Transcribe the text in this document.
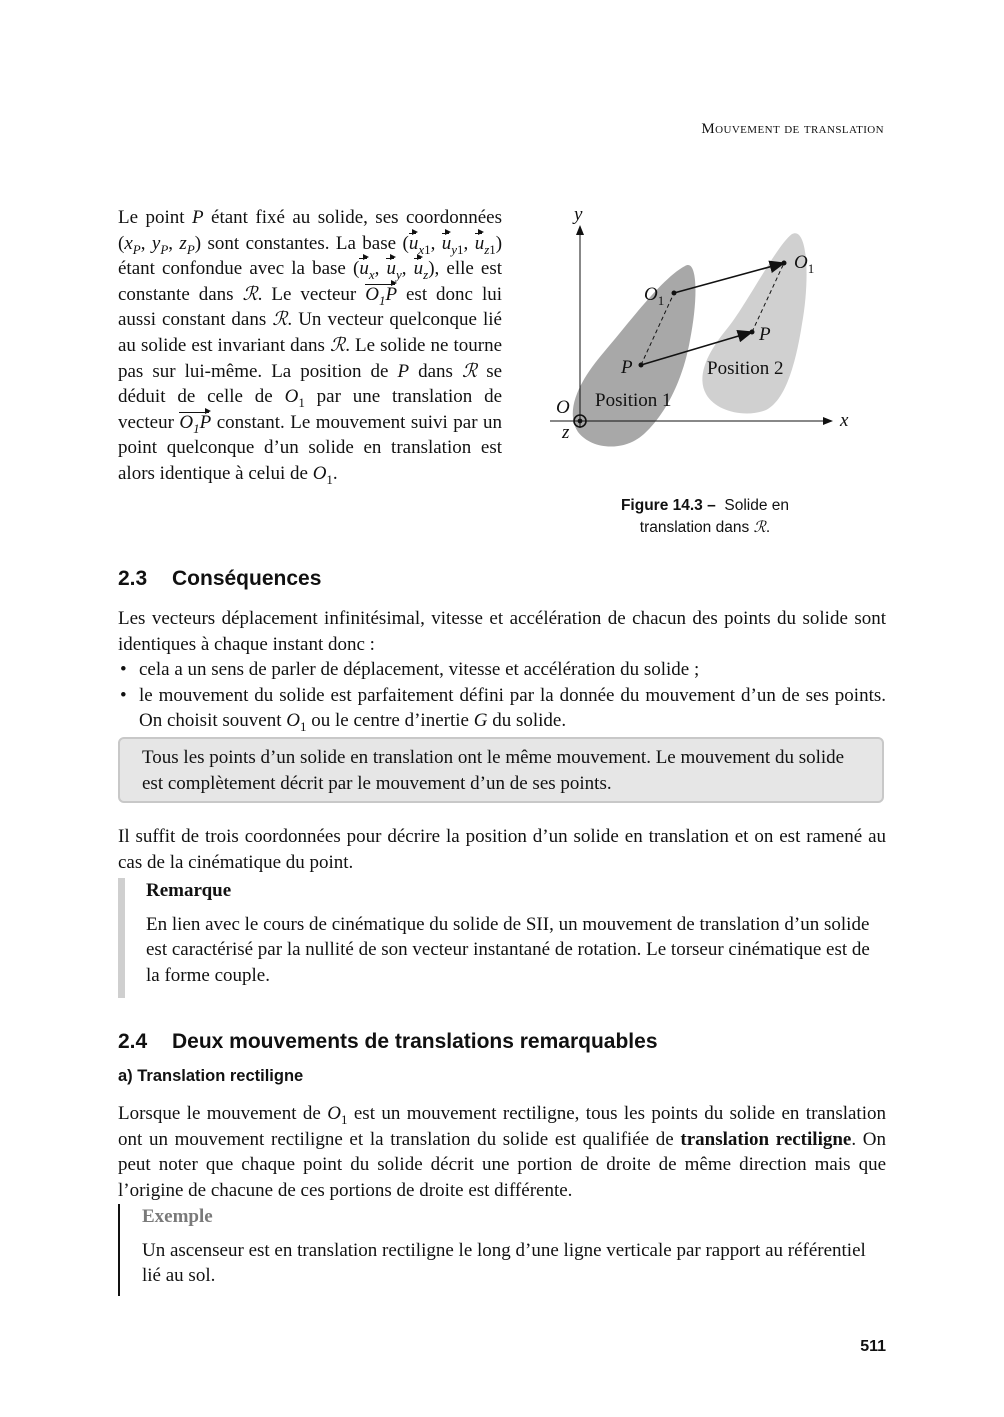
Mouvement de translation

Le point P étant fixé au solide, ses coordonnées ($x_P$, $y_P$, $z_P$) sont constantes. La base ($u_{x1}$, $u_{y1}$, $u_{z1}$) étant confondue avec la base ($u_x$, $u_y$, $u_z$), elle est constante dans ℛ. Le vecteur $O_1P$ est donc lui aussi constant dans ℛ. Un vecteur quelconque lié au solide est invariant dans ℛ. Le solide ne tourne pas sur lui-même. La position de P dans ℛ se déduit de celle de $O_1$ par une translation de vecteur $O_1P$ constant. Le mouvement suivi par un point quelconque d’un solide en translation est alors identique à celui de $O_1$.

y
x
z
O
$O_1$
$O_1$
P
P
Position 1
Position 2
Figure 14.3 – Solide en translation dans ℛ.
2.3 Conséquences

Les vecteurs déplacement infinitésimal, vitesse et accélération de chacun des points du solide sont identiques à chaque instant donc :

• cela a un sens de parler de déplacement, vitesse et accélération du solide ;
• le mouvement du solide est parfaitement défini par la donnée du mouvement d’un de ses points. On choisit souvent $O_1$ ou le centre d’inertie G du solide.
Tous les points d’un solide en translation ont le même mouvement. Le mouvement du solide est complètement décrit par le mouvement d’un de ses points.

Il suffit de trois coordonnées pour décrire la position d’un solide en translation et on est ramené au cas de la cinématique du point.

Remarque

En lien avec le cours de cinématique du solide de SII, un mouvement de translation d’un solide est caractérisé par la nullité de son vecteur instantané de rotation. Le torseur cinématique est de la forme couple.

2.4 Deux mouvements de translations remarquables
a) Translation rectiligne

Lorsque le mouvement de $O_1$ est un mouvement rectiligne, tous les points du solide en translation ont un mouvement rectiligne et la translation du solide est qualifiée de translation rectiligne. On peut noter que chaque point du solide décrit une portion de droite de même direction mais que l’origine de chacune de ces portions de droite est différente.

Exemple

Un ascenseur est en translation rectiligne le long d’une ligne verticale par rapport au référentiel lié au sol.

511
